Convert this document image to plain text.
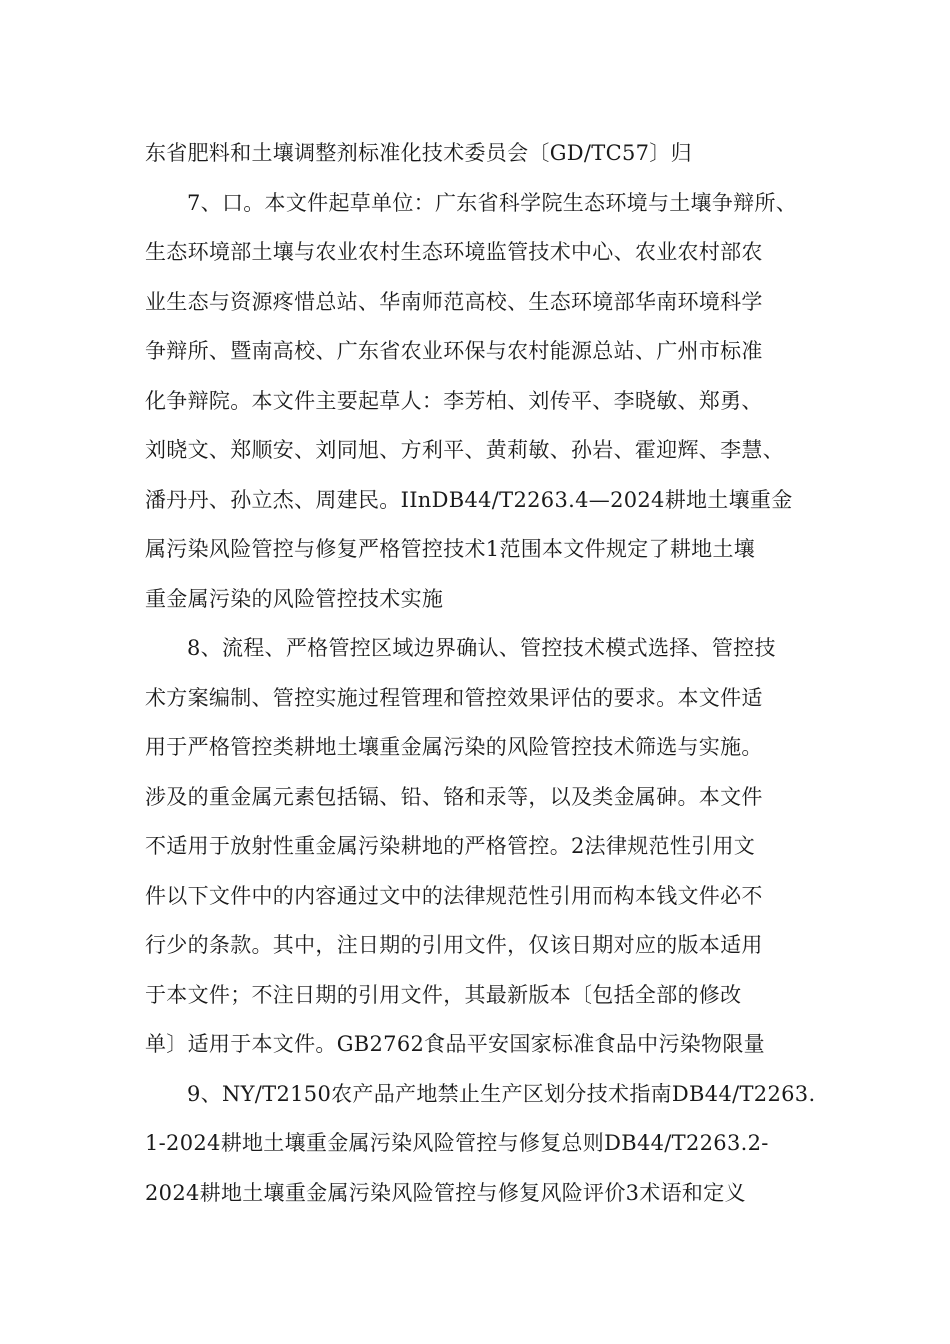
东省肥料和土壤调整剂标准化技术委员会〔GD/TC57〕归
7、口。本文件起草单位：广东省科学院生态环境与土壤争辩所、
生态环境部土壤与农业农村生态环境监管技术中心、农业农村部农
业生态与资源疼惜总站、华南师范高校、生态环境部华南环境科学
争辩所、暨南高校、广东省农业环保与农村能源总站、广州市标准
化争辩院。本文件主要起草人：李芳柏、刘传平、李晓敏、郑勇、
刘晓文、郑顺安、刘同旭、方利平、黄莉敏、孙岩、霍迎辉、李慧、
潘丹丹、孙立杰、周建民。IInDB44/T2263.4—2024耕地土壤重金
属污染风险管控与修复严格管控技术1范围本文件规定了耕地土壤
重金属污染的风险管控技术实施
8、流程、严格管控区域边界确认、管控技术模式选择、管控技
术方案编制、管控实施过程管理和管控效果评估的要求。本文件适
用于严格管控类耕地土壤重金属污染的风险管控技术筛选与实施。
涉及的重金属元素包括镉、铅、铬和汞等，以及类金属砷。本文件
不适用于放射性重金属污染耕地的严格管控。2法律规范性引用文
件以下文件中的内容通过文中的法律规范性引用而构本钱文件必不
行少的条款。其中，注日期的引用文件，仅该日期对应的版本适用
于本文件；不注日期的引用文件，其最新版本〔包括全部的修改
单〕适用于本文件。GB2762食品平安国家标准食品中污染物限量
9、NY/T2150农产品产地禁止生产区划分技术指南DB44/T2263.
1-2024耕地土壤重金属污染风险管控与修复总则DB44/T2263.2-
2024耕地土壤重金属污染风险管控与修复风险评价3术语和定义
